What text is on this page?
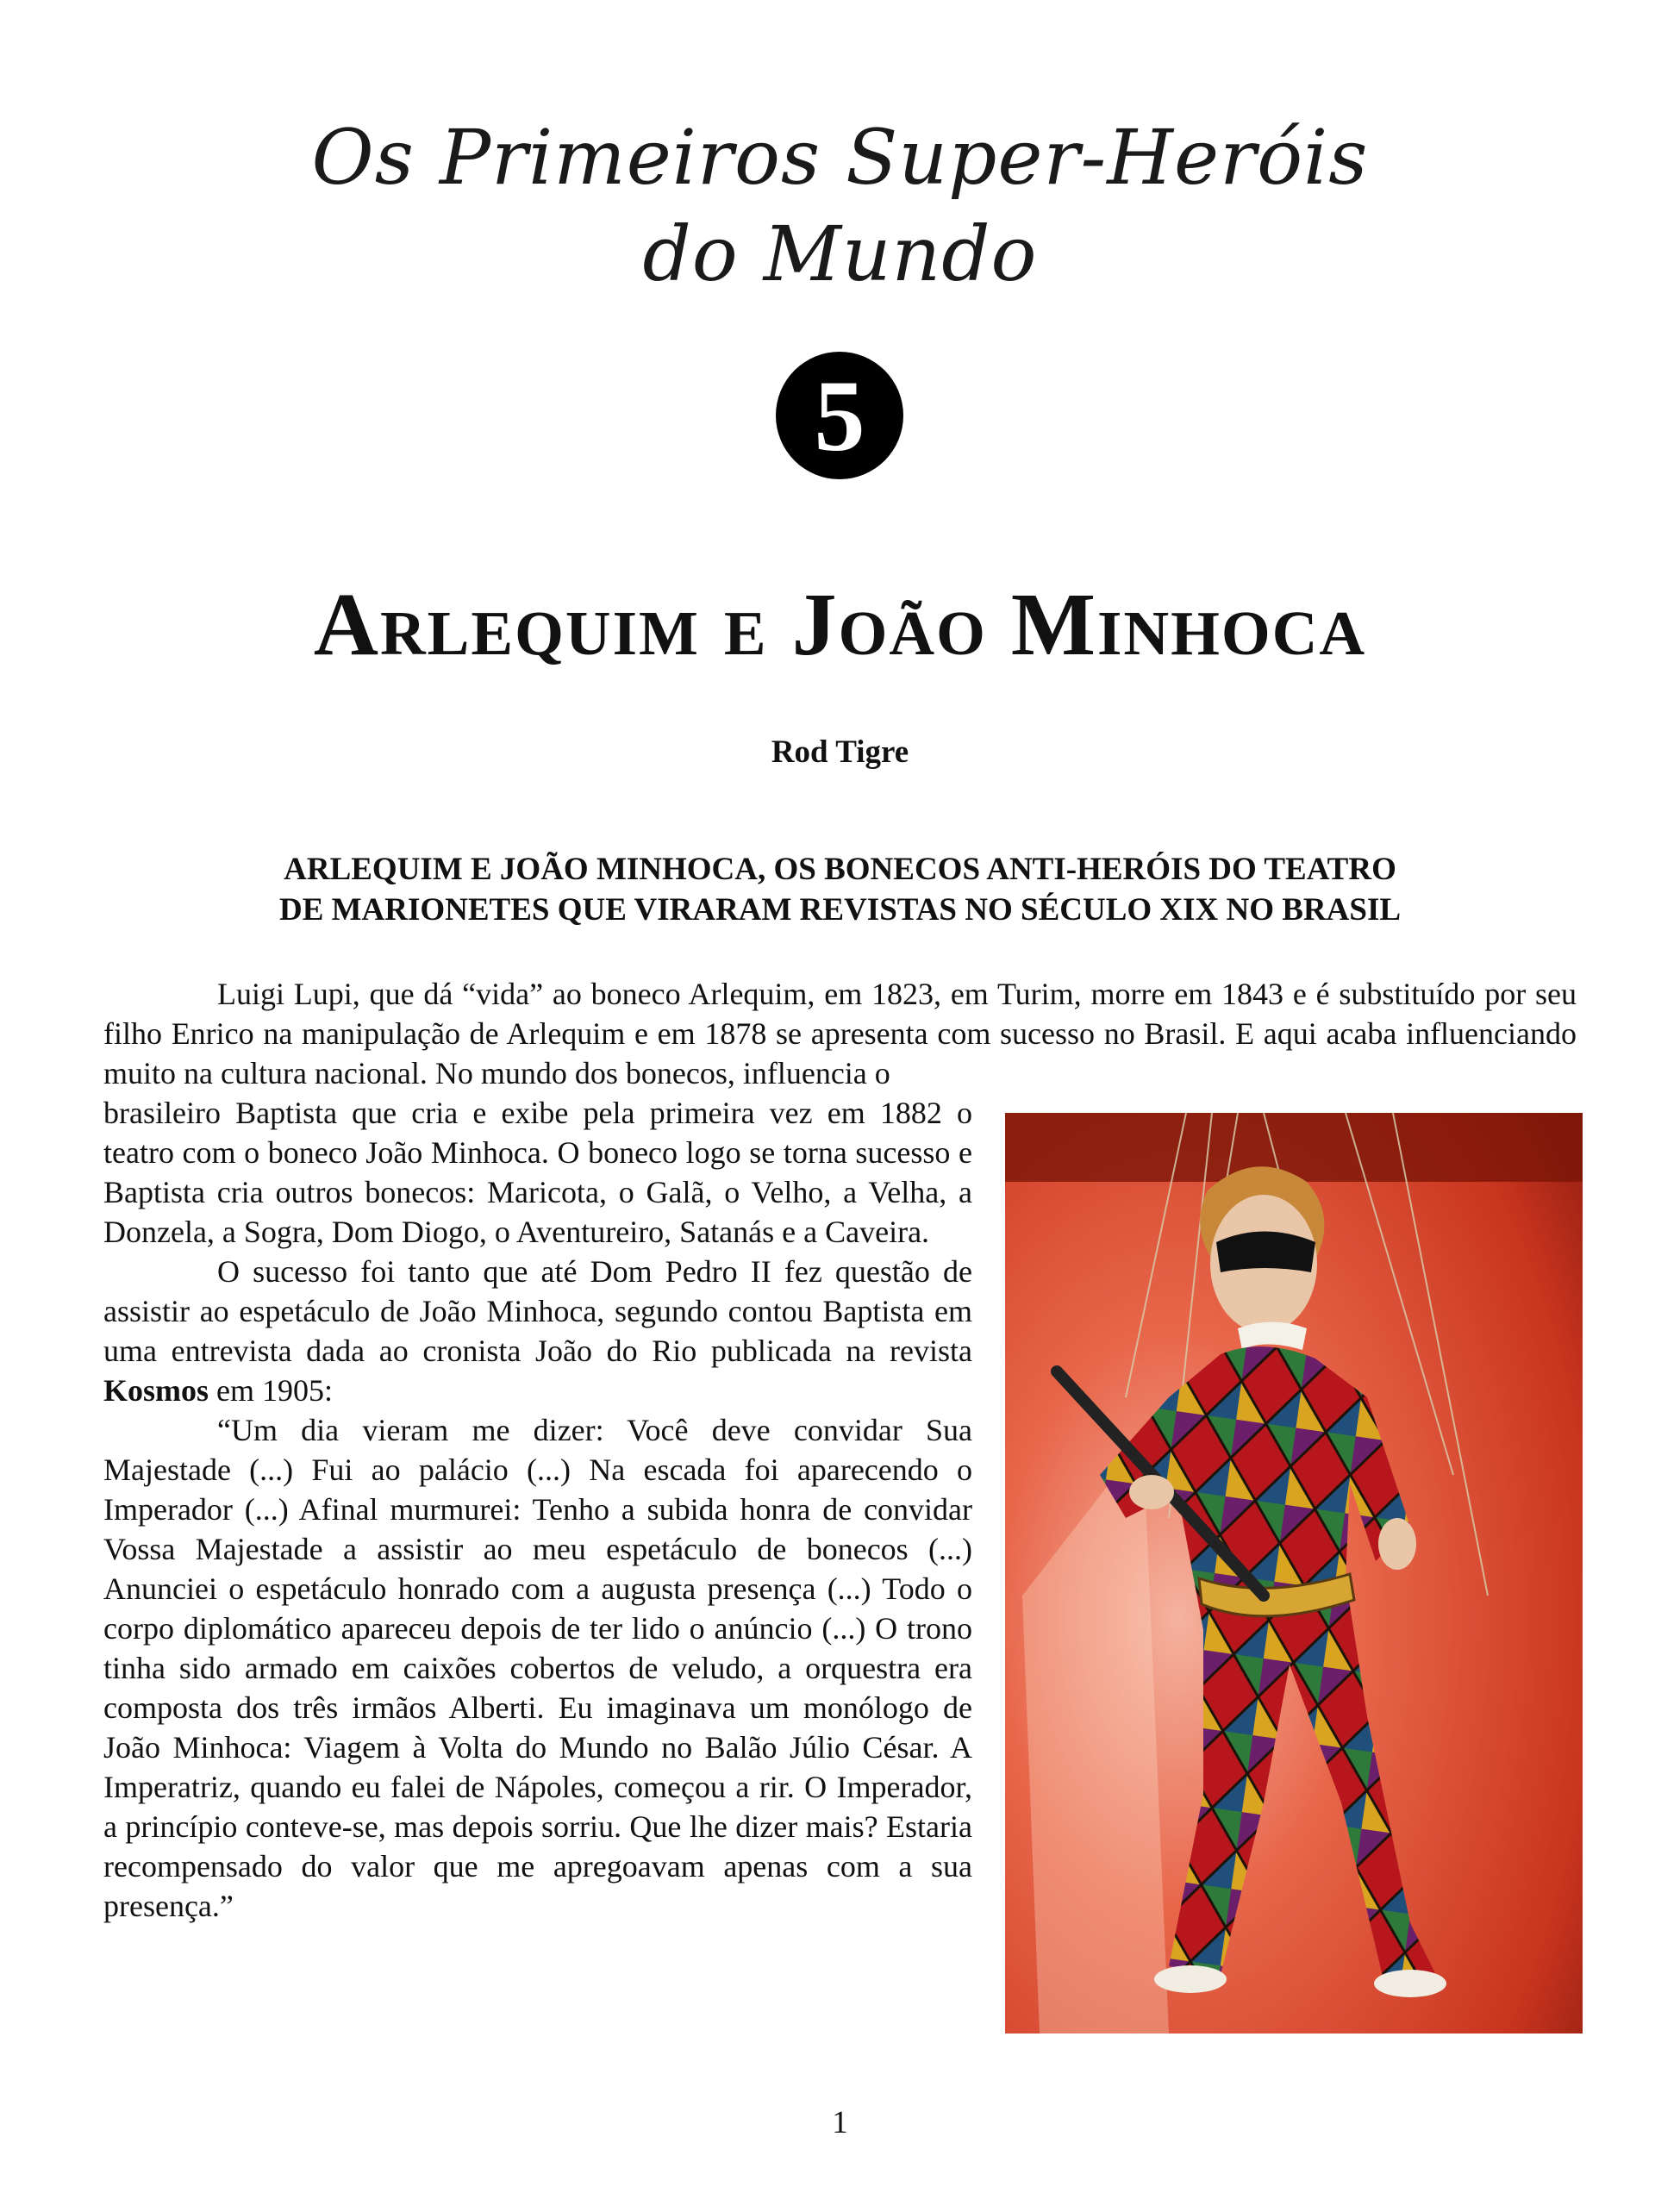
Os Primeiros Super-Heróis
do Mundo
5
Arlequim e João Minhoca
Rod Tigre
ARLEQUIM E JOÃO MINHOCA, OS BONECOS ANTI-HERÓIS DO TEATRO
DE MARIONETES QUE VIRARAM REVISTAS NO SÉCULO XIX NO BRASIL
Luigi Lupi, que dá “vida” ao boneco Arlequim, em 1823, em Turim, morre em 1843 e é substituído por seu filho Enrico na manipulação de Arlequim e em 1878 se apresenta com sucesso no Brasil. E aqui acaba influenciando muito na cultura nacional. No mundo dos bonecos, influencia o
brasileiro Baptista que cria e exibe pela primeira vez em 1882 o teatro com o boneco João Minhoca. O boneco logo se torna sucesso e Baptista cria outros bonecos: Maricota, o Galã, o Velho, a Velha, a Donzela, a Sogra, Dom Diogo, o Aventureiro, Satanás e a Caveira.
O sucesso foi tanto que até Dom Pedro II fez questão de assistir ao espetáculo de João Minhoca, segundo contou Baptista em uma entrevista dada ao cronista João do Rio publicada na revista Kosmos em 1905:
“Um dia vieram me dizer: Você deve convidar Sua Majestade (...) Fui ao palácio (...) Na escada foi aparecendo o Imperador (...) Afinal murmurei: Tenho a subida honra de convidar Vossa Majestade a assistir ao meu espetáculo de bonecos (...) Anunciei o espetáculo honrado com a augusta presença (...) Todo o corpo diplomático apareceu depois de ter lido o anúncio (...) O trono tinha sido armado em caixões cobertos de veludo, a orquestra era composta dos três irmãos Alberti. Eu imaginava um monólogo de João Minhoca: Viagem à Volta do Mundo no Balão Júlio César. A Imperatriz, quando eu falei de Nápoles, começou a rir. O Imperador, a princípio conteve-se, mas depois sorriu. Que lhe dizer mais? Estaria recompensado do valor que me apregoavam apenas com a sua presença.”
1
